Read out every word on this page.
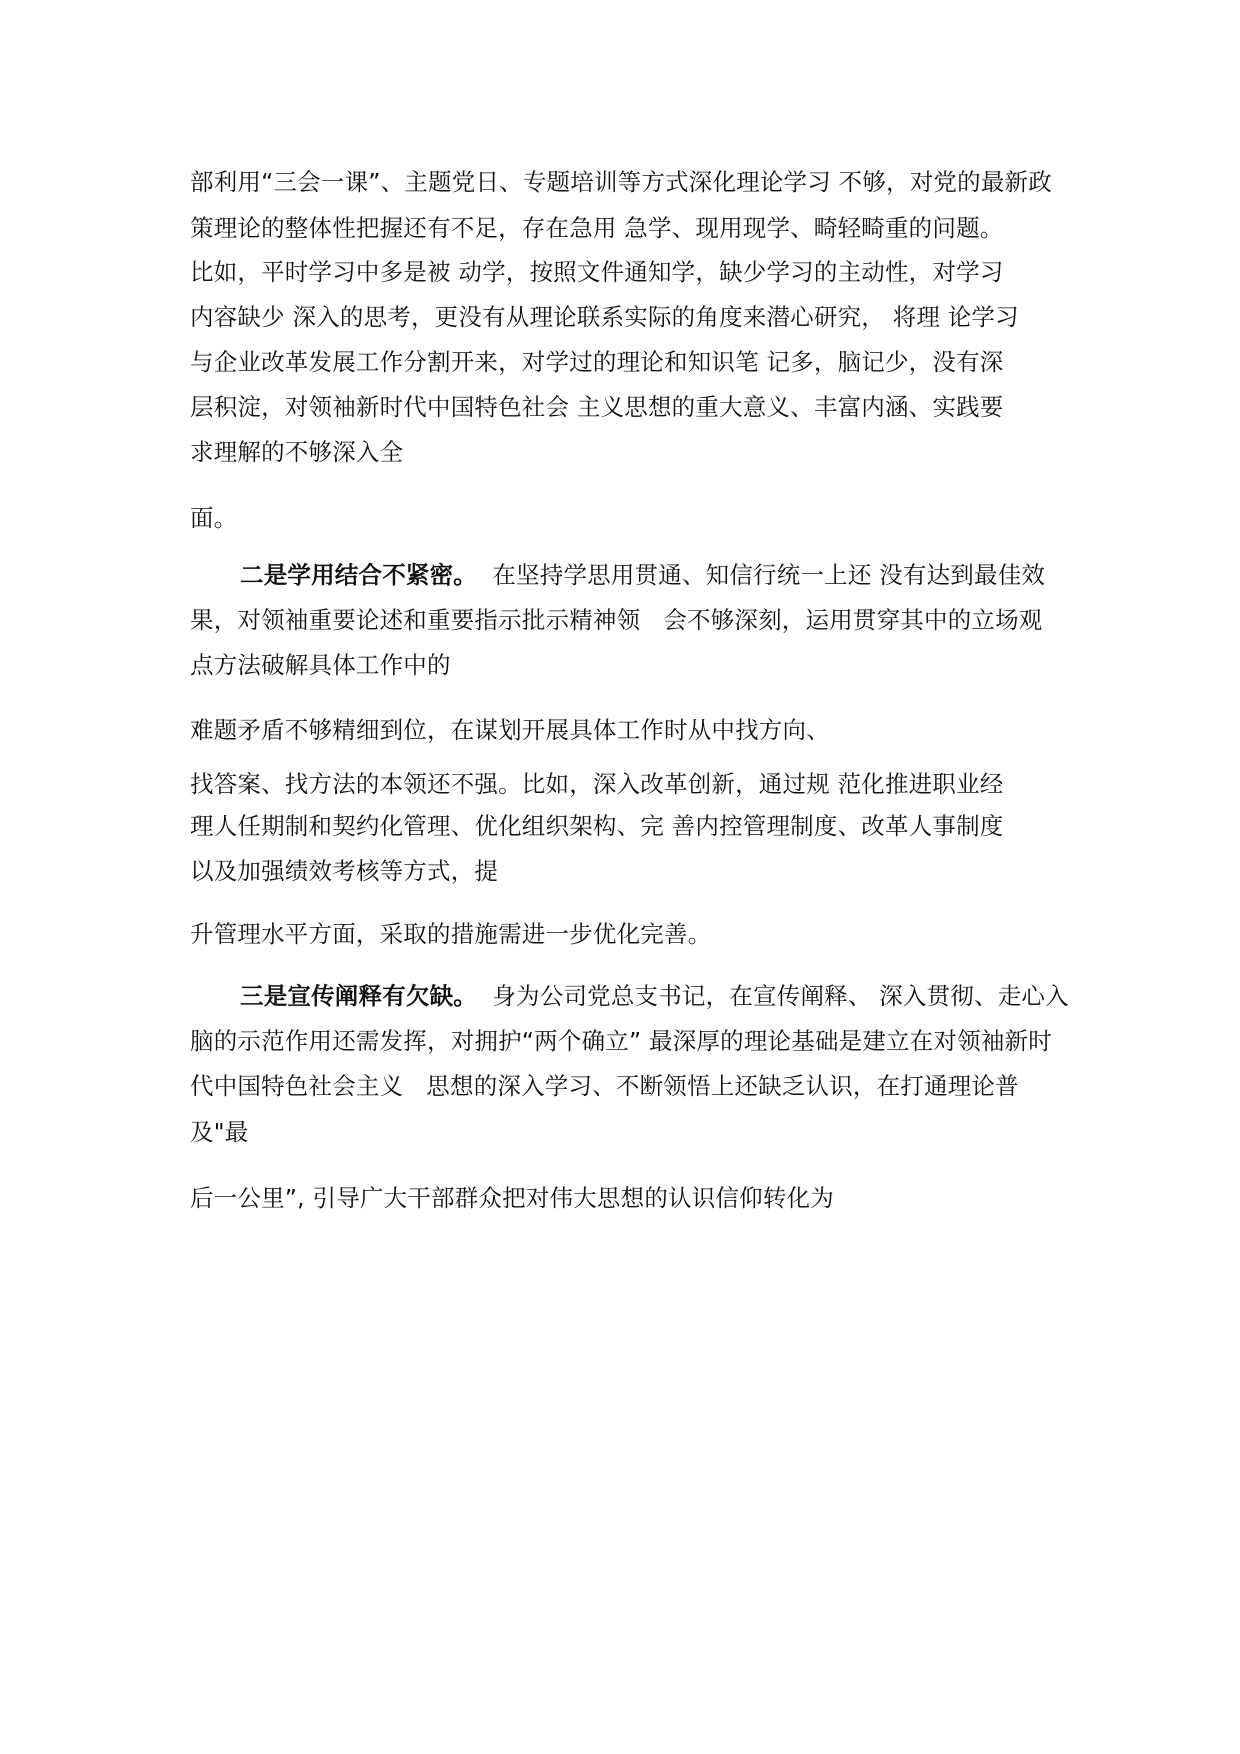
部利用“三会一课”、主题党日、专题培训等方式深化理论学习 不够，对党的最新政
策理论的整体性把握还有不足，存在急用 急学、现用现学、畸轻畸重的问题。
比如，平时学习中多是被 动学，按照文件通知学，缺少学习的主动性，对学习
内容缺少 深入的思考，更没有从理论联系实际的角度来潜心研究， 将理 论学习
与企业改革发展工作分割开来，对学过的理论和知识笔 记多，脑记少，没有深
层积淀，对领袖新时代中国特色社会 主义思想的重大意义、丰富内涵、实践要
求理解的不够深入全
面。
二是学用结合不紧密。  在坚持学思用贯通、知信行统一上还 没有达到最佳效
果，对领袖重要论述和重要指示批示精神领   会不够深刻，运用贯穿其中的立场观
点方法破解具体工作中的
难题矛盾不够精细到位，在谋划开展具体工作时从中找方向、
找答案、找方法的本领还不强。比如，深入改革创新，通过规 范化推进职业经
理人任期制和契约化管理、优化组织架构、完 善内控管理制度、改革人事制度
以及加强绩效考核等方式，提
升管理水平方面，采取的措施需进一步优化完善。
三是宣传阐释有欠缺。  身为公司党总支书记，在宣传阐释、 深入贯彻、走心入
脑的示范作用还需发挥，对拥护“两个确立” 最深厚的理论基础是建立在对领袖新时
代中国特色社会主义   思想的深入学习、不断领悟上还缺乏认识，在打通理论普
及"最
后一公里”, 引导广大干部群众把对伟大思想的认识信仰转化为
